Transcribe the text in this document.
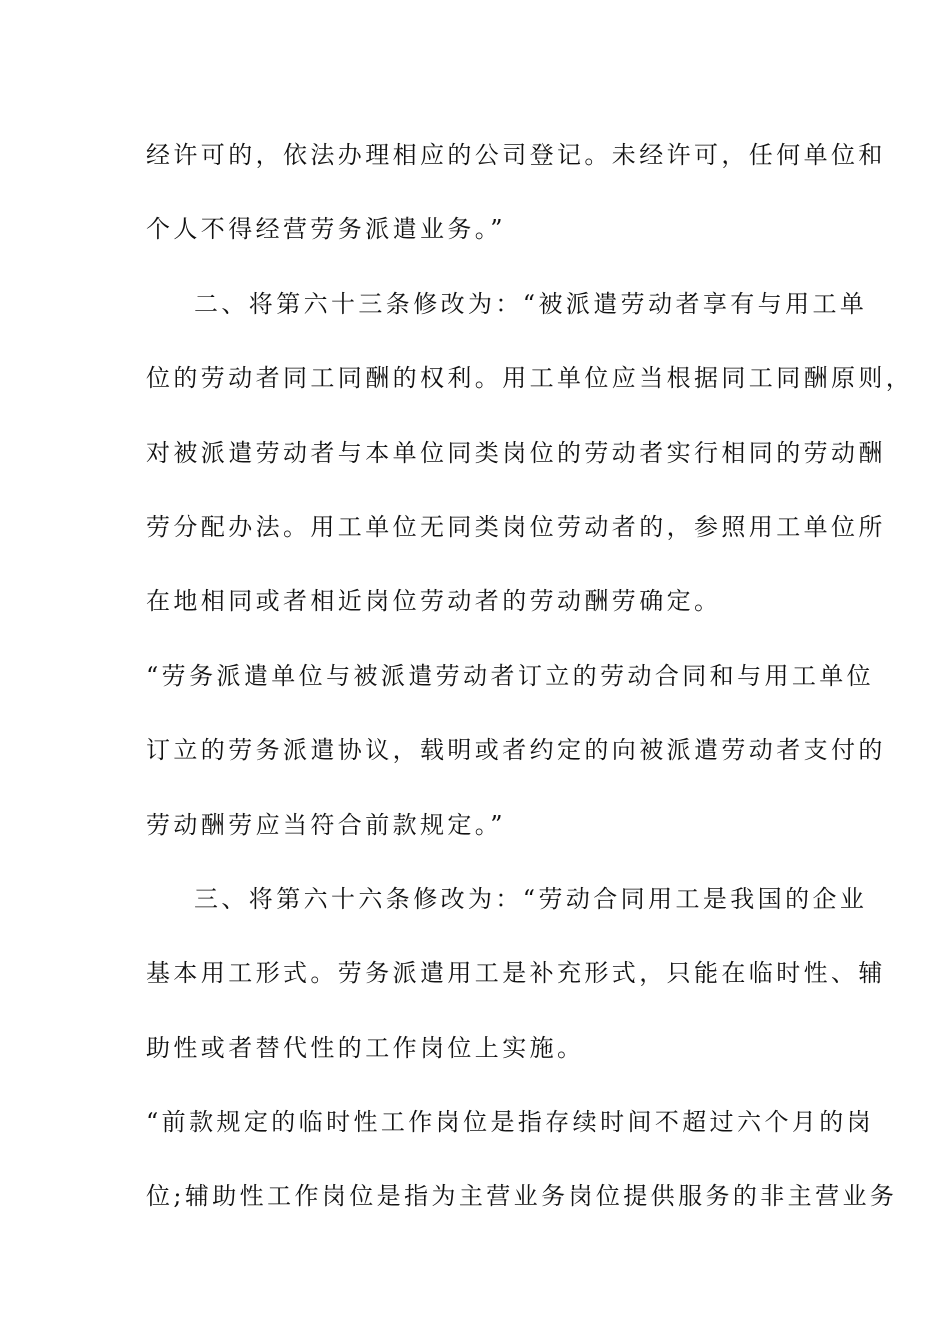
经许可的，依法办理相应的公司登记。未经许可，任何单位和
个人不得经营劳务派遣业务。”
二、将第六十三条修改为：“被派遣劳动者享有与用工单
位的劳动者同工同酬的权利。用工单位应当根据同工同酬原则，
对被派遣劳动者与本单位同类岗位的劳动者实行相同的劳动酬
劳分配办法。用工单位无同类岗位劳动者的，参照用工单位所
在地相同或者相近岗位劳动者的劳动酬劳确定。
“劳务派遣单位与被派遣劳动者订立的劳动合同和与用工单位
订立的劳务派遣协议，载明或者约定的向被派遣劳动者支付的
劳动酬劳应当符合前款规定。”
三、将第六十六条修改为：“劳动合同用工是我国的企业
基本用工形式。劳务派遣用工是补充形式，只能在临时性、辅
助性或者替代性的工作岗位上实施。
“前款规定的临时性工作岗位是指存续时间不超过六个月的岗
位;辅助性工作岗位是指为主营业务岗位提供服务的非主营业务
